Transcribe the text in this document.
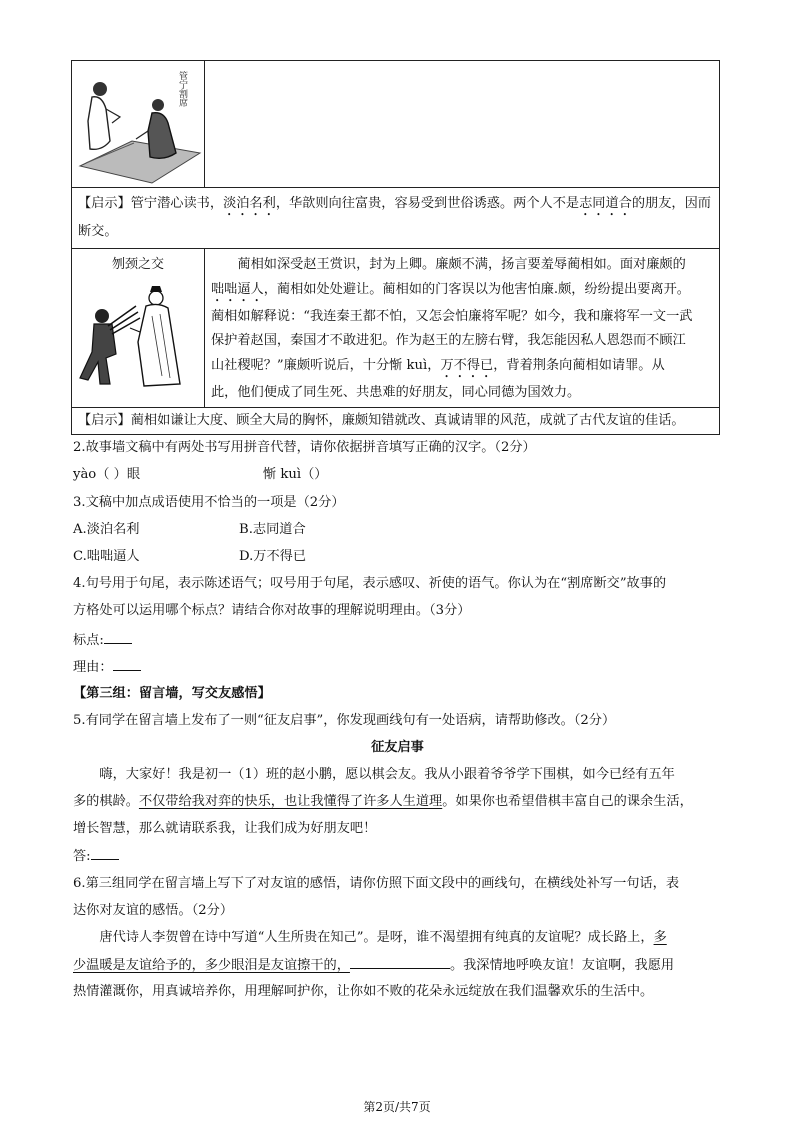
管宁割席
【启示】管宁潜心读书，淡泊名利，华歆则向往富贵，容易受到世俗诱惑。两个人不是志同道合的朋友，因而断交。
刎颈之交	蔺相如深受赵王赏识，封为上卿。廉颇不满，扬言要羞辱蔺相如。面对廉颇的
咄咄逼人，蔺相如处处避让。蔺相如的门客误以为他害怕廉.颇，纷纷提出要离开。
蔺相如解释说：“我连秦王都不怕，又怎会怕廉将军呢？如今，我和廉将军一文一武
保护着赵国，秦国才不敢进犯。作为赵王的左膀右臂，我怎能因私人恩怨而不顾江
山社稷呢？”廉颇听说后，十分惭 kuì，万不得已，背着荆条向蔺相如请罪。从
此，他们便成了同生死、共患难的好朋友，同心同德为国效力。
【启示】蔺相如谦让大度、顾全大局的胸怀，廉颇知错就改、真诚请罪的风范，成就了古代友谊的佳话。
2.故事墙文稿中有两处书写用拼音代替，请你依据拼音填写正确的汉字。（2分）
yào（ ）眼	惭 kuì（）
3.文稿中加点成语使用不恰当的一项是（2分）
A.淡泊名利	B.志同道合
C.咄咄逼人	D.万不得已
4.句号用于句尾，表示陈述语气；叹号用于句尾，表示感叹、祈使的语气。你认为在“割席断交”故事的
方格处可以运用哪个标点？请结合你对故事的理解说明理由。（3分）
标点:
理由：
【第三组：留言墙，写交友感悟】
5.有同学在留言墙上发布了一则“征友启事”，你发现画线句有一处语病，请帮助修改。（2分）
征友启事
嗨，大家好！我是初一（1）班的赵小鹏，愿以棋会友。我从小跟着爷爷学下围棋，如今已经有五年
多的棋龄。不仅带给我对弈的快乐，也让我懂得了许多人生道理。如果你也希望借棋丰富自己的课余生活，
增长智慧，那么就请联系我，让我们成为好朋友吧！
答:
6.第三组同学在留言墙上写下了对友谊的感悟，请你仿照下面文段中的画线句，在横线处补写一句话，表
达你对友谊的感悟。（2分）
唐代诗人李贺曾在诗中写道“人生所贵在知己”。是呀，谁不渴望拥有纯真的友谊呢？成长路上，多
少温暖是友谊给予的，多少眼泪是友谊擦干的，	。我深情地呼唤友谊！友谊啊，我愿用
热情灌溉你，用真诚培养你，用理解呵护你，让你如不败的花朵永远绽放在我们温馨欢乐的生活中。
第2页/共7页
